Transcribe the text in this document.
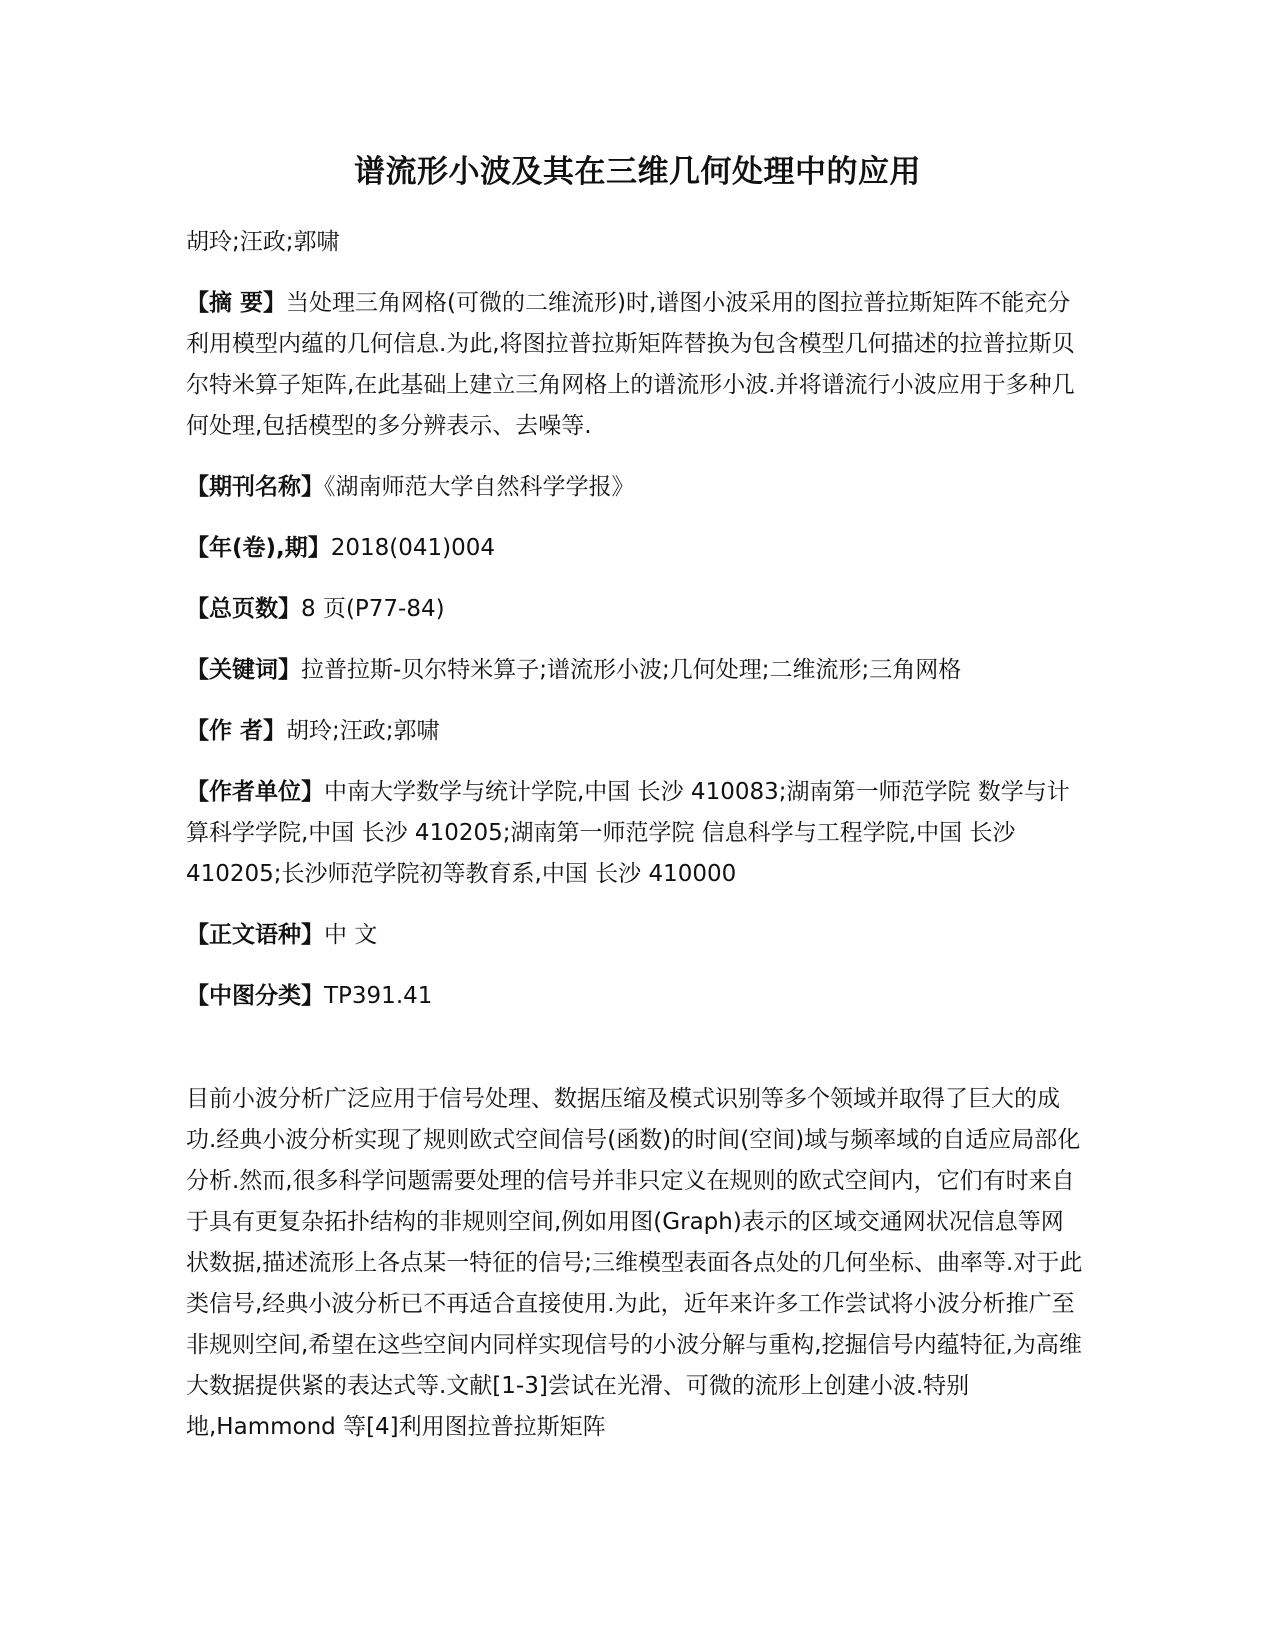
谱流形小波及其在三维几何处理中的应用
胡玲;汪政;郭啸
【摘 要】当处理三角网格(可微的二维流形)时,谱图小波采用的图拉普拉斯矩阵不能充分利用模型内蕴的几何信息.为此,将图拉普拉斯矩阵替换为包含模型几何描述的拉普拉斯贝尔特米算子矩阵,在此基础上建立三角网格上的谱流形小波.并将谱流行小波应用于多种几何处理,包括模型的多分辨表示、去噪等.
【期刊名称】《湖南师范大学自然科学学报》
【年(卷),期】2018(041)004
【总页数】8 页(P77-84)
【关键词】拉普拉斯-贝尔特米算子;谱流形小波;几何处理;二维流形;三角网格
【作 者】胡玲;汪政;郭啸
【作者单位】中南大学数学与统计学院,中国 长沙 410083;湖南第一师范学院 数学与计算科学学院,中国 长沙 410205;湖南第一师范学院 信息科学与工程学院,中国 长沙 410205;长沙师范学院初等教育系,中国 长沙 410000
【正文语种】中 文
【中图分类】TP391.41

目前小波分析广泛应用于信号处理、数据压缩及模式识别等多个领域并取得了巨大的成功.经典小波分析实现了规则欧式空间信号(函数)的时间(空间)域与频率域的自适应局部化分析.然而,很多科学问题需要处理的信号并非只定义在规则的欧式空间内，它们有时来自于具有更复杂拓扑结构的非规则空间,例如用图(Graph)表示的区域交通网状况信息等网状数据,描述流形上各点某一特征的信号;三维模型表面各点处的几何坐标、曲率等.对于此类信号,经典小波分析已不再适合直接使用.为此，近年来许多工作尝试将小波分析推广至非规则空间,希望在这些空间内同样实现信号的小波分解与重构,挖掘信号内蕴特征,为高维大数据提供紧的表达式等.文献[1-3]尝试在光滑、可微的流形上创建小波.特别地,Hammond 等[4]利用图拉普拉斯矩阵
